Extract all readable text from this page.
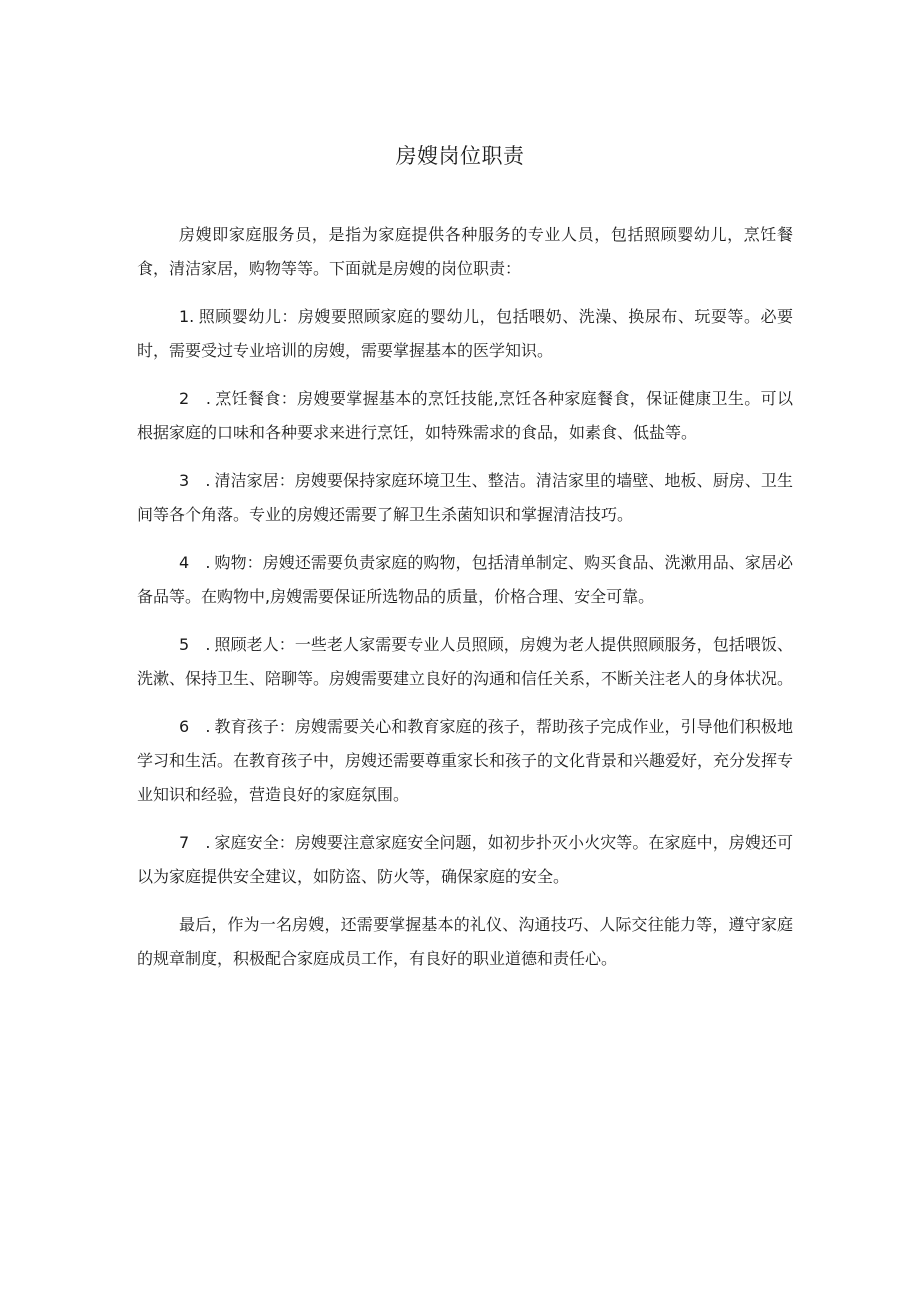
房嫂岗位职责

房嫂即家庭服务员，是指为家庭提供各种服务的专业人员，包括照顾婴幼儿，烹饪餐食，清洁家居，购物等等。下面就是房嫂的岗位职责：

1. 照顾婴幼儿：房嫂要照顾家庭的婴幼儿，包括喂奶、洗澡、换尿布、玩耍等。必要时，需要受过专业培训的房嫂，需要掌握基本的医学知识。

2　. 烹饪餐食：房嫂要掌握基本的烹饪技能,烹饪各种家庭餐食，保证健康卫生。可以根据家庭的口味和各种要求来进行烹饪，如特殊需求的食品，如素食、低盐等。

3　. 清洁家居：房嫂要保持家庭环境卫生、整洁。清洁家里的墙壁、地板、厨房、卫生间等各个角落。专业的房嫂还需要了解卫生杀菌知识和掌握清洁技巧。

4　. 购物：房嫂还需要负责家庭的购物，包括清单制定、购买食品、洗漱用品、家居必备品等。在购物中,房嫂需要保证所选物品的质量，价格合理、安全可靠。

5　. 照顾老人：一些老人家需要专业人员照顾，房嫂为老人提供照顾服务，包括喂饭、洗漱、保持卫生、陪聊等。房嫂需要建立良好的沟通和信任关系，不断关注老人的身体状况。

6　. 教育孩子：房嫂需要关心和教育家庭的孩子，帮助孩子完成作业，引导他们积极地学习和生活。在教育孩子中，房嫂还需要尊重家长和孩子的文化背景和兴趣爱好，充分发挥专业知识和经验，营造良好的家庭氛围。

7　. 家庭安全：房嫂要注意家庭安全问题，如初步扑灭小火灾等。在家庭中，房嫂还可以为家庭提供安全建议，如防盗、防火等，确保家庭的安全。

最后，作为一名房嫂，还需要掌握基本的礼仪、沟通技巧、人际交往能力等，遵守家庭的规章制度，积极配合家庭成员工作，有良好的职业道德和责任心。
